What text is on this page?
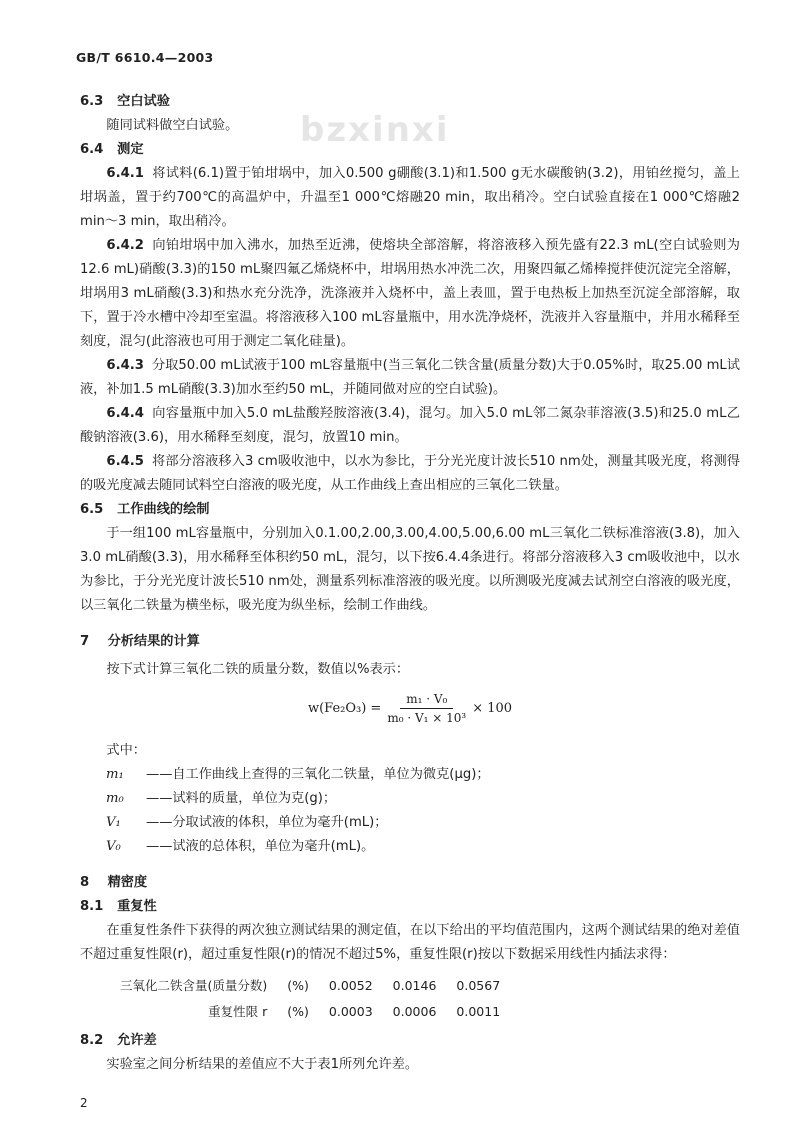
GB/T 6610.4—2003
bzxinxi
6.3 空白试验
随同试料做空白试验。
6.4 测定
6.4.1 将试料(6.1)置于铂坩埚中，加入0.500 g硼酸(3.1)和1.500 g无水碳酸钠(3.2)，用铂丝搅匀，盖上坩埚盖，置于约700℃的高温炉中，升温至1 000℃熔融20 min，取出稍冷。空白试验直接在1 000℃熔融2 min～3 min，取出稍冷。
6.4.2 向铂坩埚中加入沸水，加热至近沸，使熔块全部溶解，将溶液移入预先盛有22.3 mL(空白试验则为12.6 mL)硝酸(3.3)的150 mL聚四氟乙烯烧杯中，坩埚用热水冲洗二次，用聚四氟乙烯棒搅拌使沉淀完全溶解，坩埚用3 mL硝酸(3.3)和热水充分洗净，洗涤液并入烧杯中，盖上表皿，置于电热板上加热至沉淀全部溶解，取下，置于冷水槽中冷却至室温。将溶液移入100 mL容量瓶中，用水洗净烧杯，洗液并入容量瓶中，并用水稀释至刻度，混匀(此溶液也可用于测定二氧化硅量)。
6.4.3 分取50.00 mL试液于100 mL容量瓶中(当三氧化二铁含量(质量分数)大于0.05%时，取25.00 mL试液，补加1.5 mL硝酸(3.3)加水至约50 mL，并随同做对应的空白试验)。
6.4.4 向容量瓶中加入5.0 mL盐酸羟胺溶液(3.4)，混匀。加入5.0 mL邻二氮杂菲溶液(3.5)和25.0 mL乙酸钠溶液(3.6)，用水稀释至刻度，混匀，放置10 min。
6.4.5 将部分溶液移入3 cm吸收池中，以水为参比，于分光光度计波长510 nm处，测量其吸光度，将测得的吸光度减去随同试料空白溶液的吸光度，从工作曲线上查出相应的三氧化二铁量。
6.5 工作曲线的绘制
于一组100 mL容量瓶中，分别加入0.1.00,2.00,3.00,4.00,5.00,6.00 mL三氧化二铁标准溶液(3.8)，加入3.0 mL硝酸(3.3)，用水稀释至体积约50 mL，混匀，以下按6.4.4条进行。将部分溶液移入3 cm吸收池中，以水为参比，于分光光度计波长510 nm处，测量系列标准溶液的吸光度。以所测吸光度减去试剂空白溶液的吸光度，以三氧化二铁量为横坐标，吸光度为纵坐标，绘制工作曲线。
7 分析结果的计算
按下式计算三氧化二铁的质量分数，数值以%表示：
$w(Fe_2O_3) = \frac{\text{m₁ · V₀}}{\text{m₀ · V₁ × 10³}} \times 100$
式中：
m₁	——自工作曲线上查得的三氧化二铁量，单位为微克(μg)；
m₀	——试料的质量，单位为克(g)；
V₁	——分取试液的体积，单位为毫升(mL)；
V₀	——试液的总体积，单位为毫升(mL)。
8 精密度
8.1 重复性
在重复性条件下获得的两次独立测试结果的测定值，在以下给出的平均值范围内，这两个测试结果的绝对差值不超过重复性限(r)，超过重复性限(r)的情况不超过5%，重复性限(r)按以下数据采用线性内插法求得：
三氧化二铁含量(质量分数)	(%)	0.0052	0.0146	0.0567
重复性限 r	(%)	0.0003	0.0006	0.0011
8.2 允许差
实验室之间分析结果的差值应不大于表1所列允许差。
2
